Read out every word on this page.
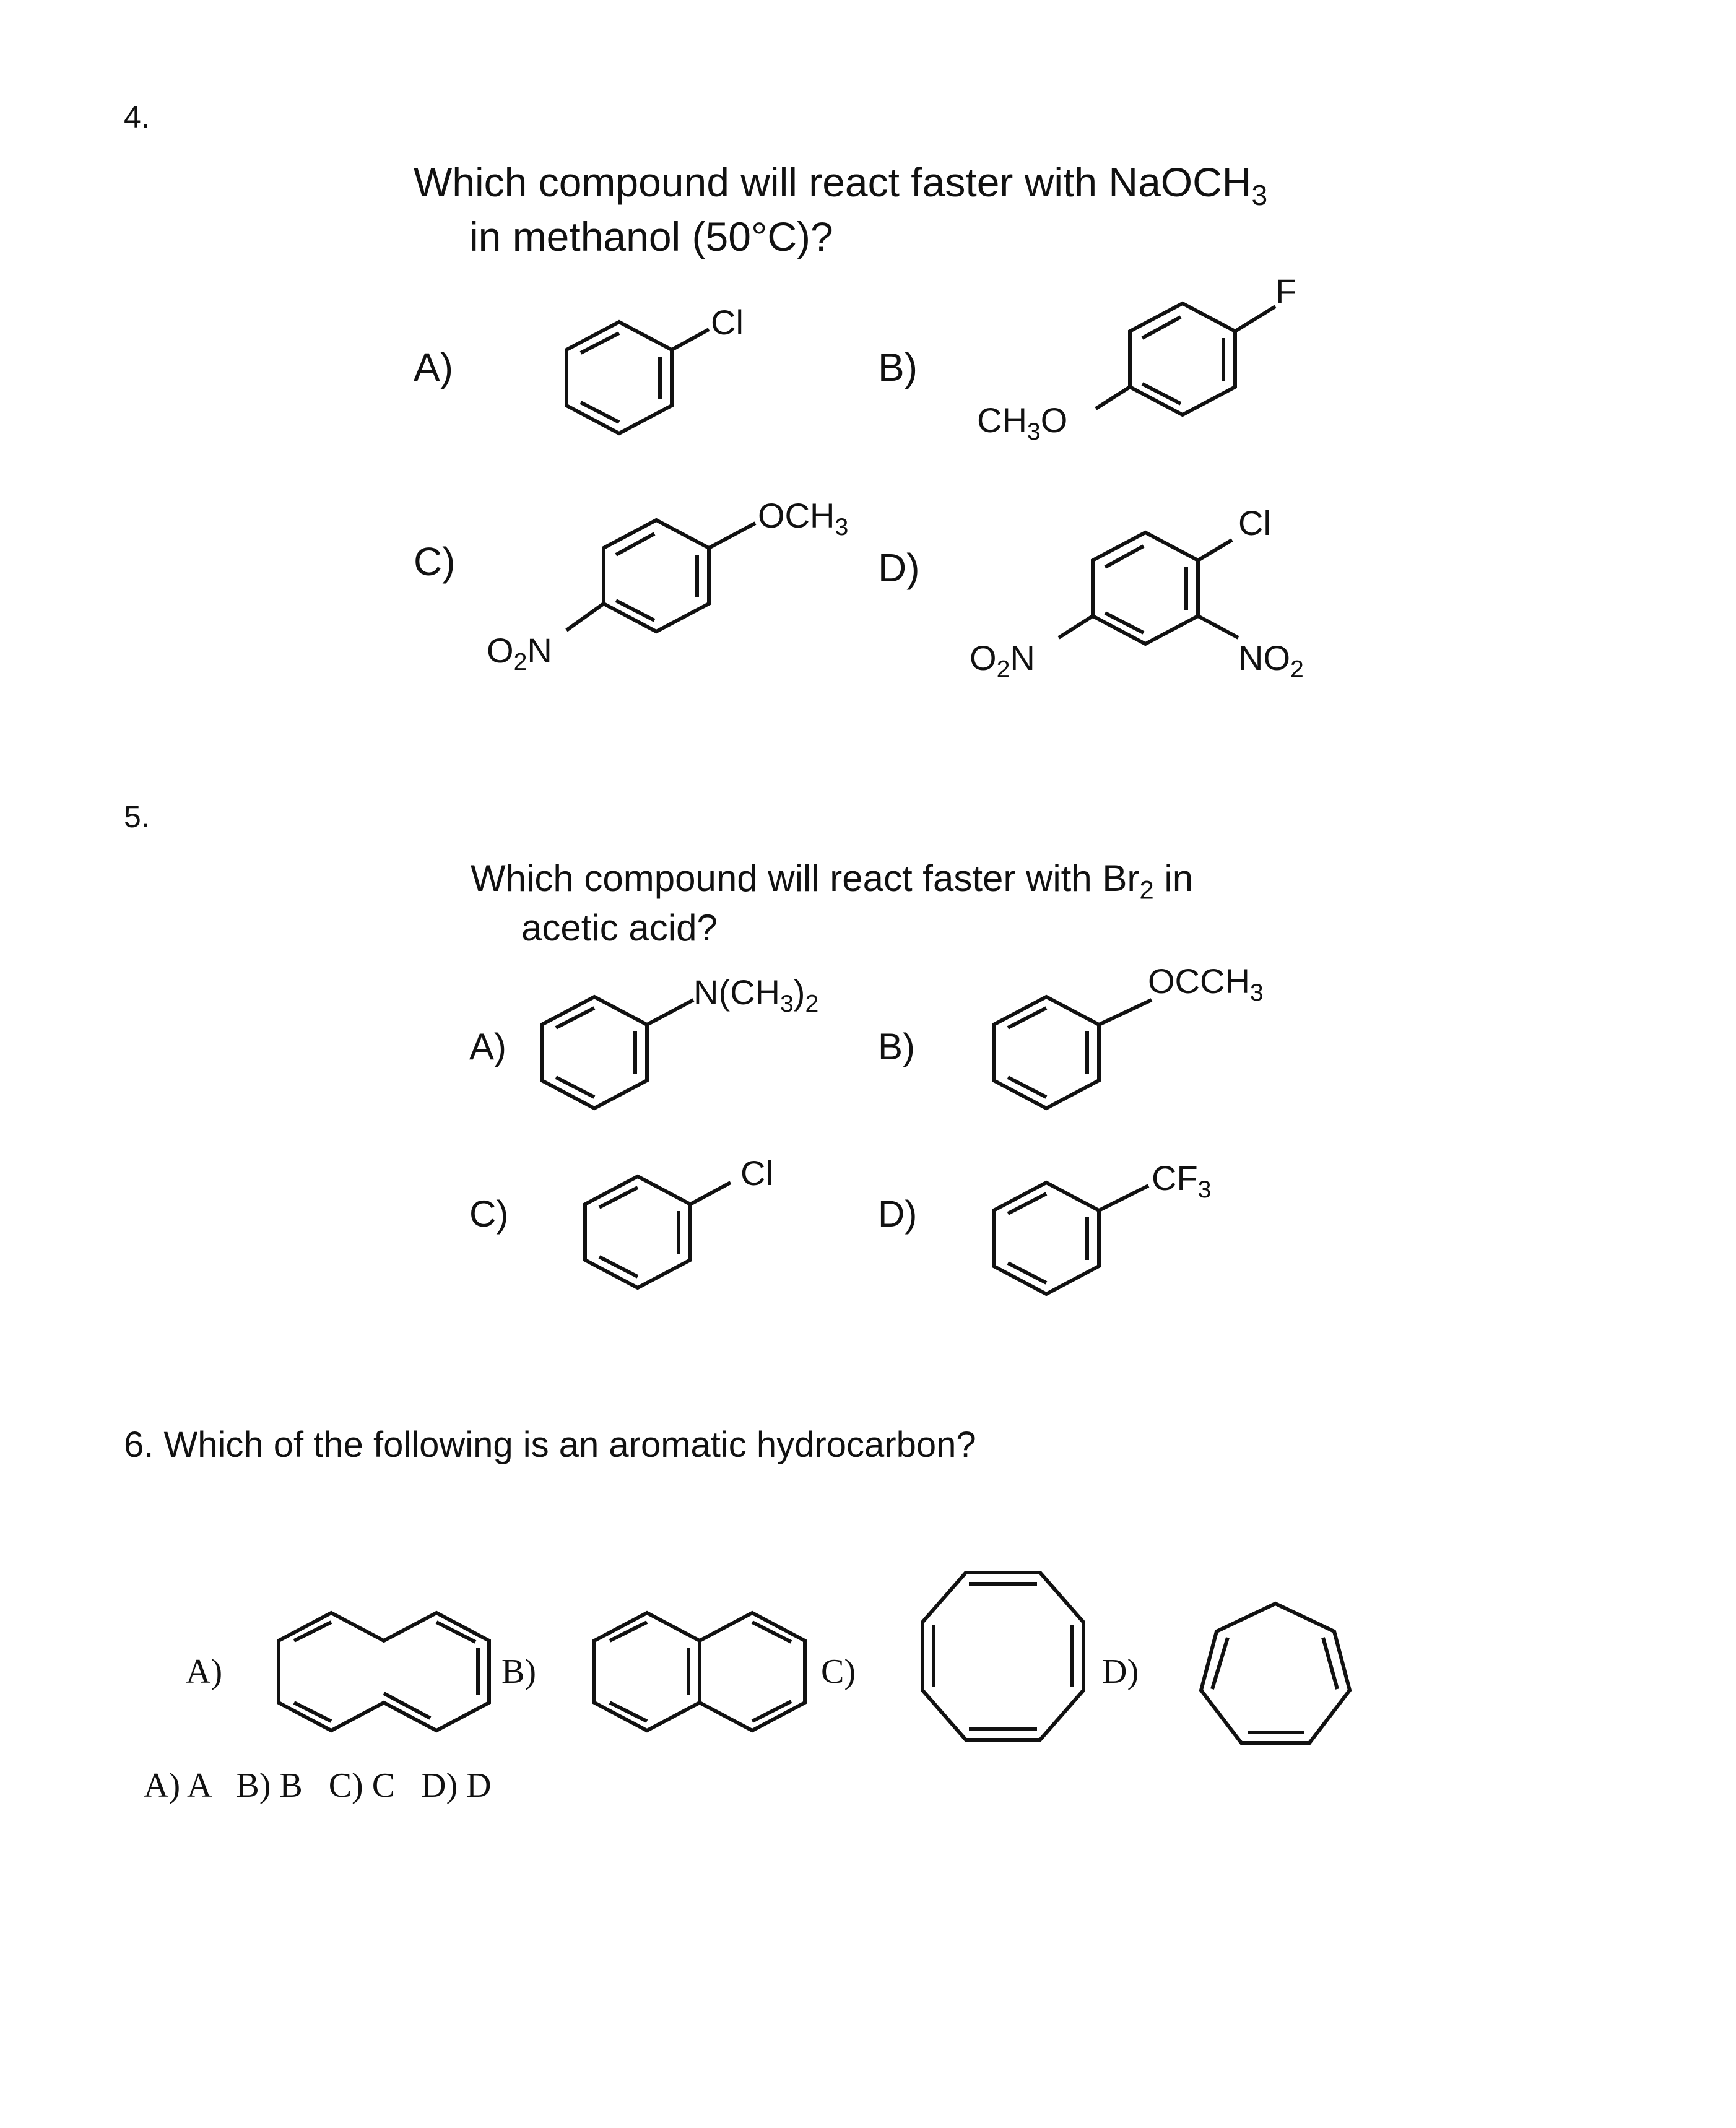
4.
Which compound will react faster with NaOCH$_3$
in methanol (50°C)?
A)
Cl
B)
F
$CH_3O$
C)
$OCH_3$
$O_2N$
D)
Cl
$O_2N$	$NO_2$
5.
Which compound will react faster with $Br_2$ in
acetic acid?
A)
$N(CH_3)_2$
B)
$OCCH_3$
C)
Cl
D)
$CF_3$
6. Which of the following is an aromatic hydrocarbon?
A)	B)	C)	D)
A) A   B) B   C) C   D) D
